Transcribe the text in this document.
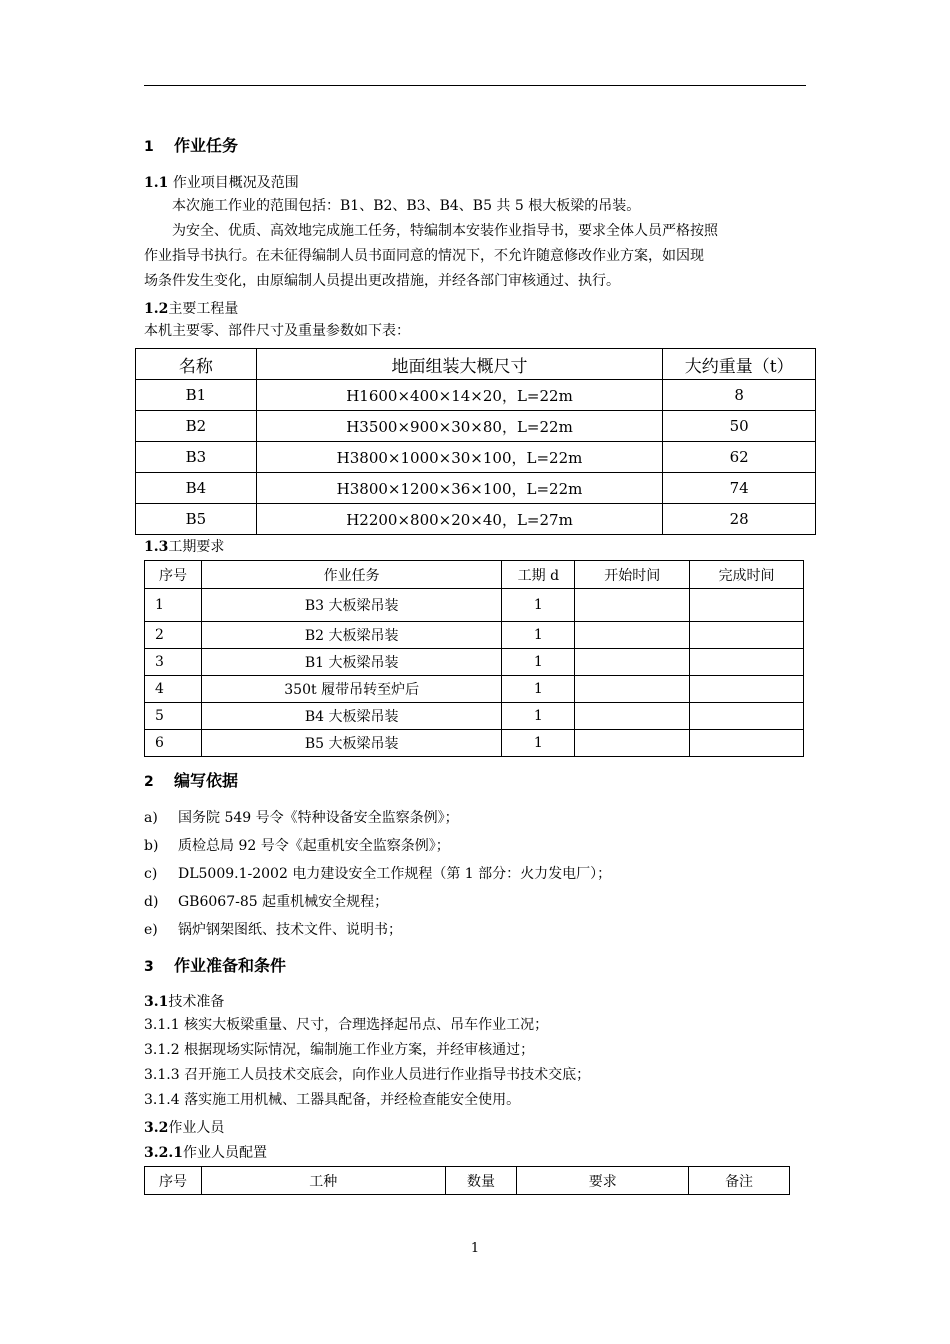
1 作业任务
1.1 作业项目概况及范围
本次施工作业的范围包括：B1、B2、B3、B4、B5 共 5 根大板梁的吊装。
为安全、优质、高效地完成施工任务，特编制本安装作业指导书，要求全体人员严格按照
作业指导书执行。在未征得编制人员书面同意的情况下，不允许随意修改作业方案，如因现
场条件发生变化，由原编制人员提出更改措施，并经各部门审核通过、执行。
1.2主要工程量
本机主要零、部件尺寸及重量参数如下表：
名称	地面组装大概尺寸	大约重量（t）
B1	H1600×400×14×20，L=22m	8
B2	H3500×900×30×80，L=22m	50
B3	H3800×1000×30×100，L=22m	62
B4	H3800×1200×36×100，L=22m	74
B5	H2200×800×20×40，L=27m	28
1.3工期要求
序号	作业任务	工期 d	开始时间	完成时间
1	B3 大板梁吊装	1		
2	B2 大板梁吊装	1		
3	B1 大板梁吊装	1		
4	350t 履带吊转至炉后	1		
5	B4 大板梁吊装	1		
6	B5 大板梁吊装	1		
2 编写依据
a) 国务院 549 号令《特种设备安全监察条例》；
b) 质检总局 92 号令《起重机安全监察条例》；
c) DL5009.1-2002 电力建设安全工作规程（第 1 部分：火力发电厂）；
d) GB6067-85 起重机械安全规程；
e) 锅炉钢架图纸、技术文件、说明书；
3 作业准备和条件
3.1技术准备
3.1.1 核实大板梁重量、尺寸，合理选择起吊点、吊车作业工况；
3.1.2 根据现场实际情况，编制施工作业方案，并经审核通过；
3.1.3 召开施工人员技术交底会，向作业人员进行作业指导书技术交底；
3.1.4 落实施工用机械、工器具配备，并经检查能安全使用。
3.2作业人员
3.2.1作业人员配置
序号	工种	数量	要求	备注
1
